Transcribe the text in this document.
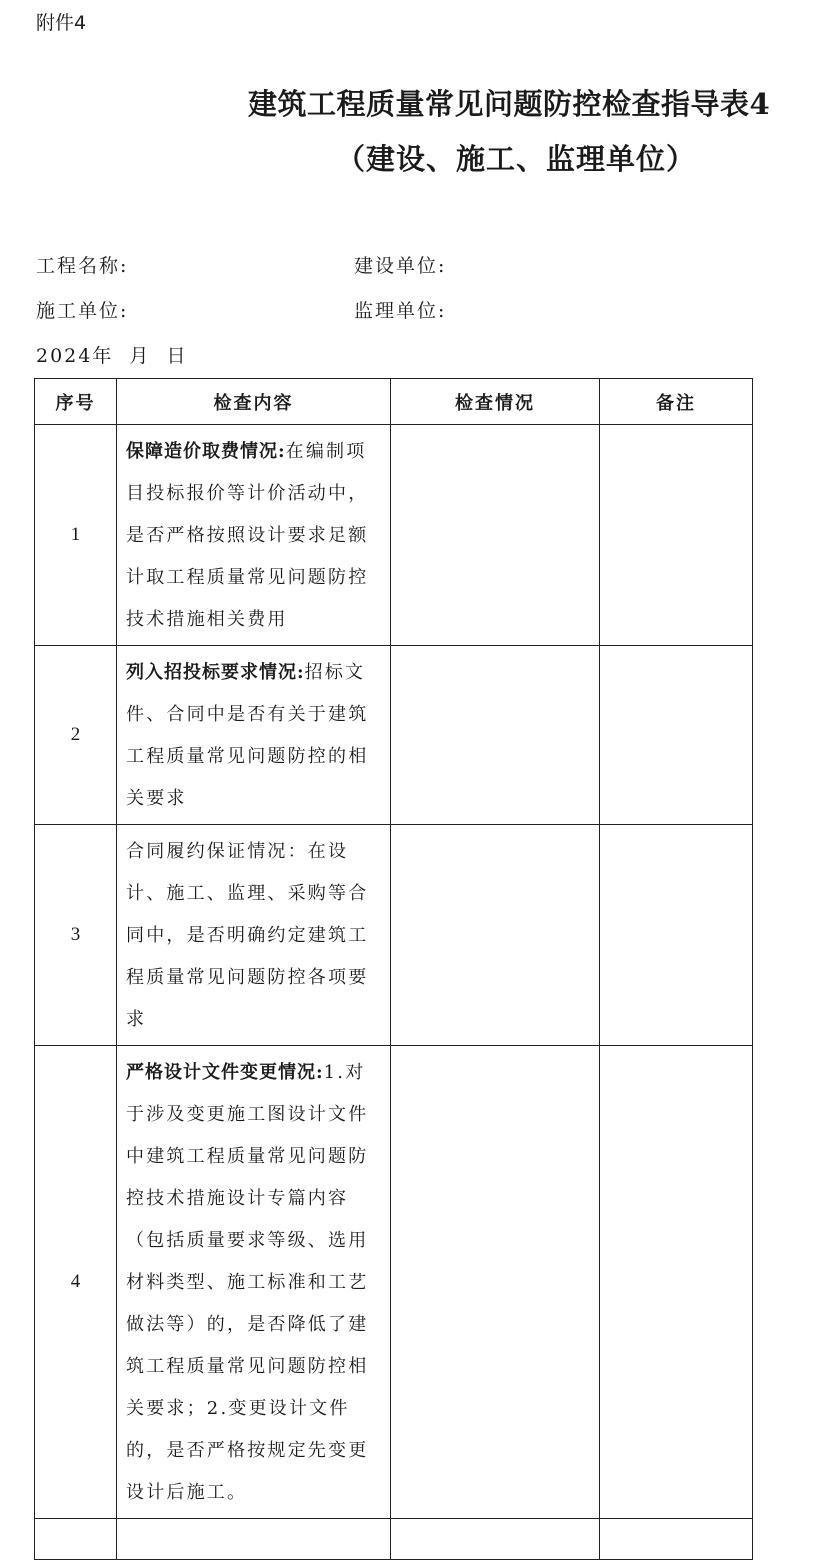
附件4
建筑工程质量常见问题防控检查指导表4
（建设、施工、监理单位）
工程名称:	建设单位:
施工单位:	监理单位:
2024年  月  日
序号	检查内容	检查情况	备注
1	保障造价取费情况:在编制项目投标报价等计价活动中，是否严格按照设计要求足额计取工程质量常见问题防控技术措施相关费用		
2	列入招投标要求情况:招标文件、合同中是否有关于建筑工程质量常见问题防控的相关要求		
3	合同履约保证情况：在设计、施工、监理、采购等合同中，是否明确约定建筑工程质量常见问题防控各项要求		
4	严格设计文件变更情况:1.对于涉及变更施工图设计文件中建筑工程质量常见问题防控技术措施设计专篇内容（包括质量要求等级、选用材料类型、施工标准和工艺做法等）的，是否降低了建筑工程质量常见问题防控相关要求；2.变更设计文件的，是否严格按规定先变更设计后施工。		
